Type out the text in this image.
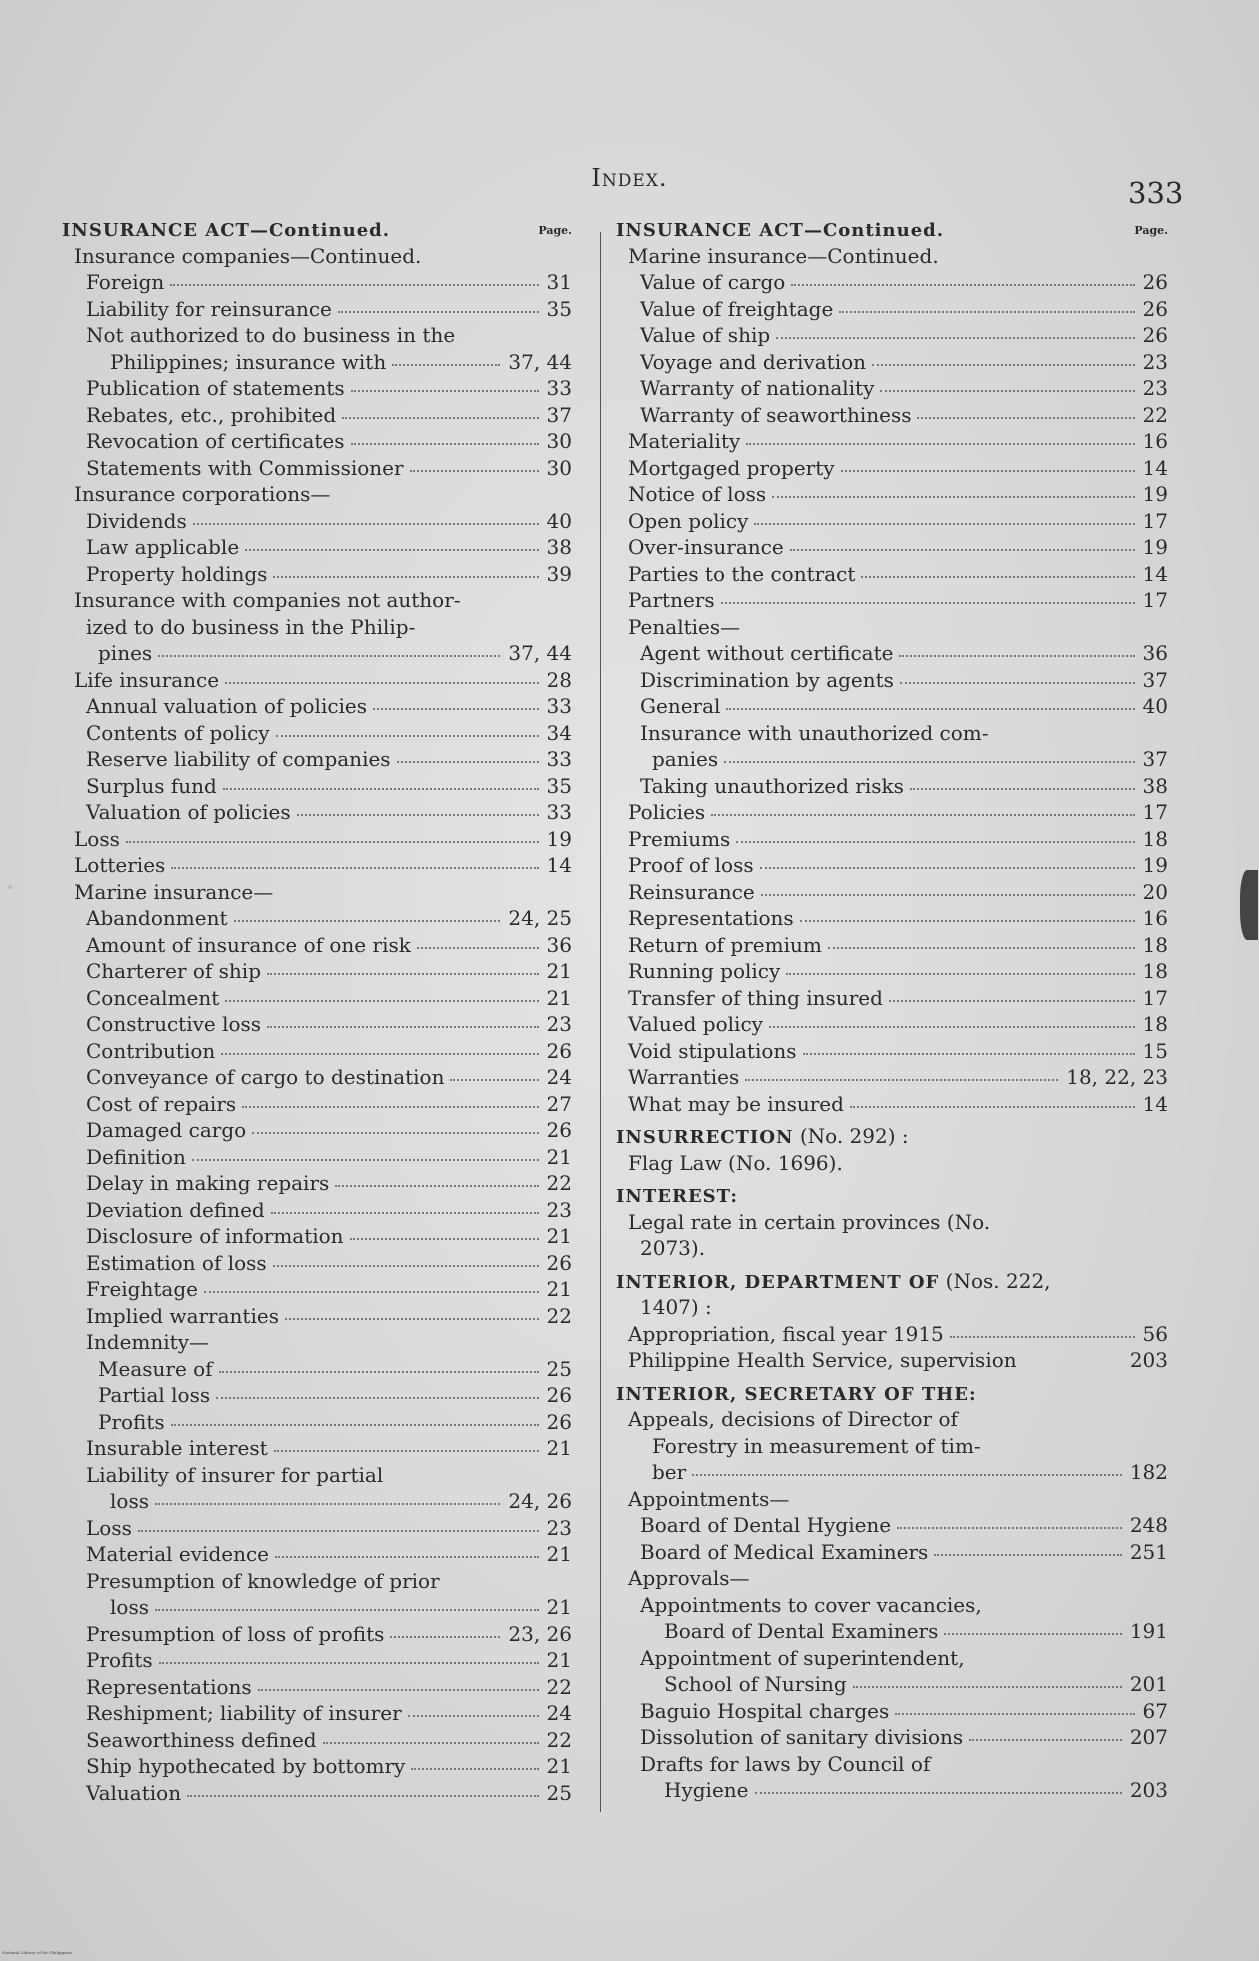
Index.	333
INSURANCE ACT—Continued.	Page.
Insurance companies—Continued.
Foreign	31
Liability for reinsurance	35
Not authorized to do business in the
Philippines; insurance with	37, 44
Publication of statements	33
Rebates, etc., prohibited	37
Revocation of certificates	30
Statements with Commissioner	30
Insurance corporations—
Dividends	40
Law applicable	38
Property holdings	39
Insurance with companies not author-
ized to do business in the Philip-
pines	37, 44
Life insurance	28
Annual valuation of policies	33
Contents of policy	34
Reserve liability of companies	33
Surplus fund	35
Valuation of policies	33
Loss	19
Lotteries	14
Marine insurance—
Abandonment	24, 25
Amount of insurance of one risk	36
Charterer of ship	21
Concealment	21
Constructive loss	23
Contribution	26
Conveyance of cargo to destination	24
Cost of repairs	27
Damaged cargo	26
Definition	21
Delay in making repairs	22
Deviation defined	23
Disclosure of information	21
Estimation of loss	26
Freightage	21
Implied warranties	22
Indemnity—
Measure of	25
Partial loss	26
Profits	26
Insurable interest	21
Liability of insurer for partial
loss	24, 26
Loss	23
Material evidence	21
Presumption of knowledge of prior
loss	21
Presumption of loss of profits	23, 26
Profits	21
Representations	22
Reshipment; liability of insurer	24
Seaworthiness defined	22
Ship hypothecated by bottomry	21
Valuation	25
INSURANCE ACT—Continued.	Page.
Marine insurance—Continued.
Value of cargo	26
Value of freightage	26
Value of ship	26
Voyage and derivation	23
Warranty of nationality	23
Warranty of seaworthiness	22
Materiality	16
Mortgaged property	14
Notice of loss	19
Open policy	17
Over-insurance	19
Parties to the contract	14
Partners	17
Penalties—
Agent without certificate	36
Discrimination by agents	37
General	40
Insurance with unauthorized com-
panies	37
Taking unauthorized risks	38
Policies	17
Premiums	18
Proof of loss	19
Reinsurance	20
Representations	16
Return of premium	18
Running policy	18
Transfer of thing insured	17
Valued policy	18
Void stipulations	15
Warranties	18, 22, 23
What may be insured	14
INSURRECTION (No. 292) :
Flag Law (No. 1696).
INTEREST:
Legal rate in certain provinces (No.
2073).
INTERIOR, DEPARTMENT OF (Nos. 222,
1407) :
Appropriation, fiscal year 1915	56
Philippine Health Service, supervision	203
INTERIOR, SECRETARY OF THE:
Appeals, decisions of Director of
Forestry in measurement of tim-
ber	182
Appointments—
Board of Dental Hygiene	248
Board of Medical Examiners	251
Approvals—
Appointments to cover vacancies,
Board of Dental Examiners	191
Appointment of superintendent,
School of Nursing	201
Baguio Hospital charges	67
Dissolution of sanitary divisions	207
Drafts for laws by Council of
Hygiene	203
National Library of the Philippines
